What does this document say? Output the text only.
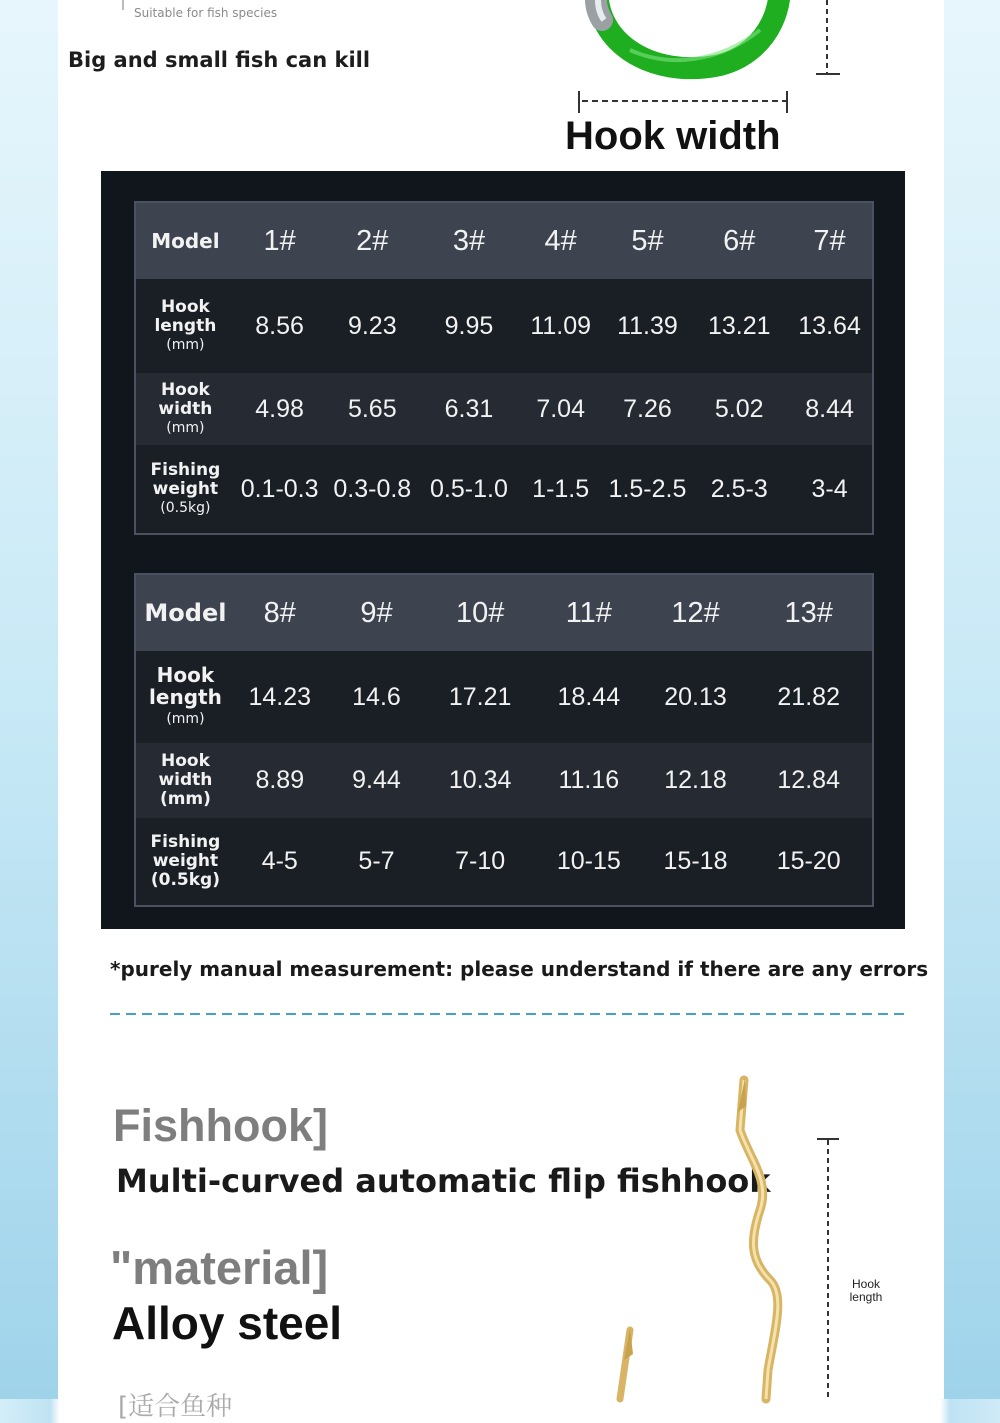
Suitable for fish species
Big and small fish can kill
Hook width
Model	1#	2#	3#	4#	5#	6#	7#
Hook length
(mm)	8.56	9.23	9.95	11.09	11.39	13.21	13.64
Hook width
(mm)	4.98	5.65	6.31	7.04	7.26	5.02	8.44
Fishing weight
(0.5kg)	0.1-0.3	0.3-0.8	0.5-1.0	1-1.5	1.5-2.5	2.5-3	3-4
Model	8#	9#	10#	11#	12#	13#
Hook length
(mm)	14.23	14.6	17.21	18.44	20.13	21.82
Hook width
(mm)	8.89	9.44	10.34	11.16	12.18	12.84
Fishing weight
(0.5kg)	4-5	5-7	7-10	10-15	15-18	15-20
*purely manual measurement: please understand if there are any errors
Fishhook]
Multi-curved automatic flip fishhook
"material]
Alloy steel
[适合鱼种
Hook length
